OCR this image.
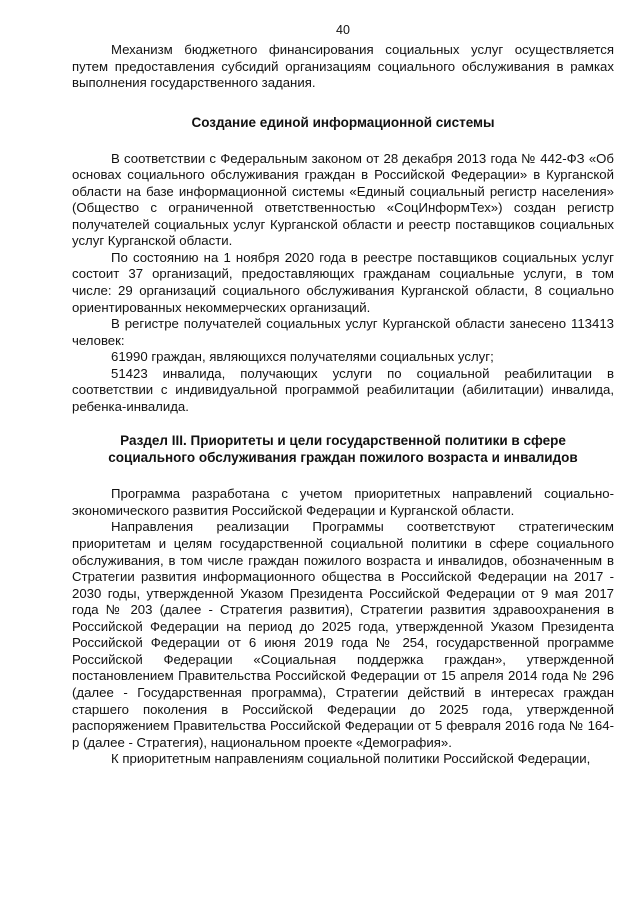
40

Механизм бюджетного финансирования социальных услуг осуществляется путем предоставления субсидий организациям социального обслуживания в рамках выполнения государственного задания.

Создание единой информационной системы

В соответствии с Федеральным законом от 28 декабря 2013 года № 442-ФЗ «Об основах социального обслуживания граждан в Российской Федерации» в Курганской области на базе информационной системы «Единый социальный регистр населения» (Общество с ограниченной ответственностью «СоцИнформТех») создан регистр получателей социальных услуг Курганской области и реестр поставщиков социальных услуг Курганской области.

По состоянию на 1 ноября 2020 года в реестре поставщиков социальных услуг состоит 37 организаций, предоставляющих гражданам социальные услуги, в том числе: 29 организаций социального обслуживания Курганской области, 8 социально ориентированных некоммерческих организаций.

В регистре получателей социальных услуг Курганской области занесено 113413 человек:

61990 граждан, являющихся получателями социальных услуг;

51423 инвалида, получающих услуги по социальной реабилитации в соответствии с индивидуальной программой реабилитации (абилитации) инвалида, ребенка-инвалида.

Раздел III. Приоритеты и цели государственной политики в сфере
социального обслуживания граждан пожилого возраста и инвалидов

Программа разработана с учетом приоритетных направлений социально-экономического развития Российской Федерации и Курганской области.

Направления реализации Программы соответствуют стратегическим приоритетам и целям государственной социальной политики в сфере социального обслуживания, в том числе граждан пожилого возраста и инвалидов, обозначенным в Стратегии развития информационного общества в Российской Федерации на 2017 - 2030 годы, утвержденной Указом Президента Российской Федерации от 9 мая 2017 года № 203 (далее - Стратегия развития), Стратегии развития здравоохранения в Российской Федерации на период до 2025 года, утвержденной Указом Президента Российской Федерации от 6 июня 2019 года № 254, государственной программе Российской Федерации «Социальная поддержка граждан», утвержденной постановлением Правительства Российской Федерации от 15 апреля 2014 года № 296 (далее - Государственная программа), Стратегии действий в интересах граждан старшего поколения в Российской Федерации до 2025 года, утвержденной распоряжением Правительства Российской Федерации от 5 февраля 2016 года № 164-р (далее - Стратегия), национальном проекте «Демография».

К приоритетным направлениям социальной политики Российской Федерации,
